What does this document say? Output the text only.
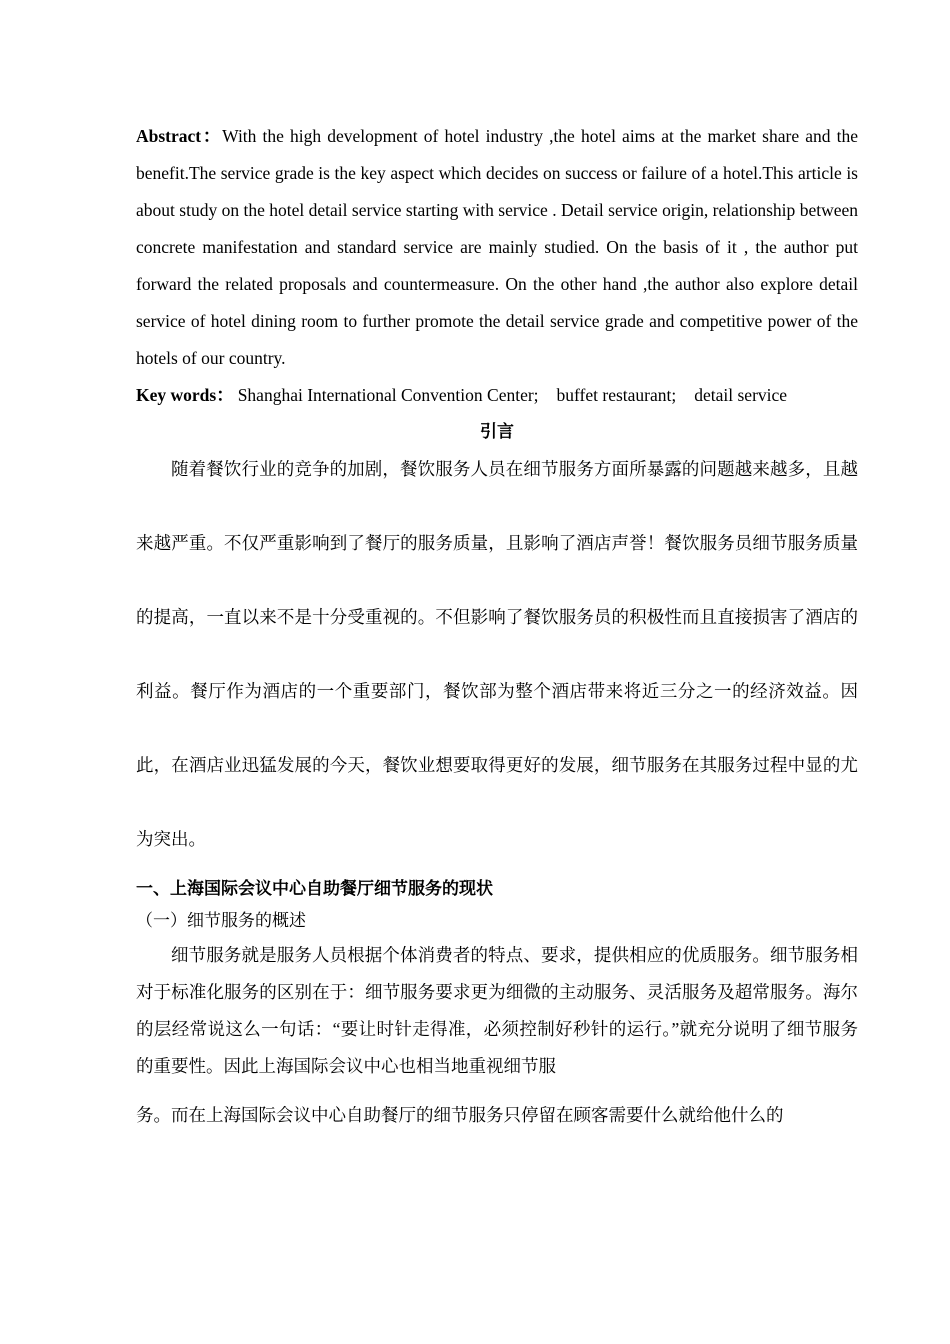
Abstract：With the high development of hotel industry ,the hotel aims at the market share and the benefit.The service grade is the key aspect which decides on success or failure of a hotel.This article is about study on the hotel detail service starting with service . Detail service origin, relationship between concrete manifestation and standard service are mainly studied. On the basis of it , the author put forward the related proposals and countermeasure. On the other hand ,the author also explore detail service of hotel dining room to further promote the detail service grade and competitive power of the hotels of our country.

Key words： Shanghai International Convention Center; buffet restaurant; detail service

引言

随着餐饮行业的竞争的加剧，餐饮服务人员在细节服务方面所暴露的问题越来越多，且越来越严重。不仅严重影响到了餐厅的服务质量，且影响了酒店声誉！餐饮服务员细节服务质量的提高，一直以来不是十分受重视的。不但影响了餐饮服务员的积极性而且直接损害了酒店的利益。餐厅作为酒店的一个重要部门，餐饮部为整个酒店带来将近三分之一的经济效益。因此，在酒店业迅猛发展的今天，餐饮业想要取得更好的发展，细节服务在其服务过程中显的尤为突出。

一、上海国际会议中心自助餐厅细节服务的现状

（一）细节服务的概述

细节服务就是服务人员根据个体消费者的特点、要求，提供相应的优质服务。细节服务相对于标准化服务的区别在于：细节服务要求更为细微的主动服务、灵活服务及超常服务。海尔的层经常说这么一句话：“要让时针走得准，必须控制好秒针的运行。”就充分说明了细节服务的重要性。因此上海国际会议中心也相当地重视细节服

务。而在上海国际会议中心自助餐厅的细节服务只停留在顾客需要什么就给他什么的
